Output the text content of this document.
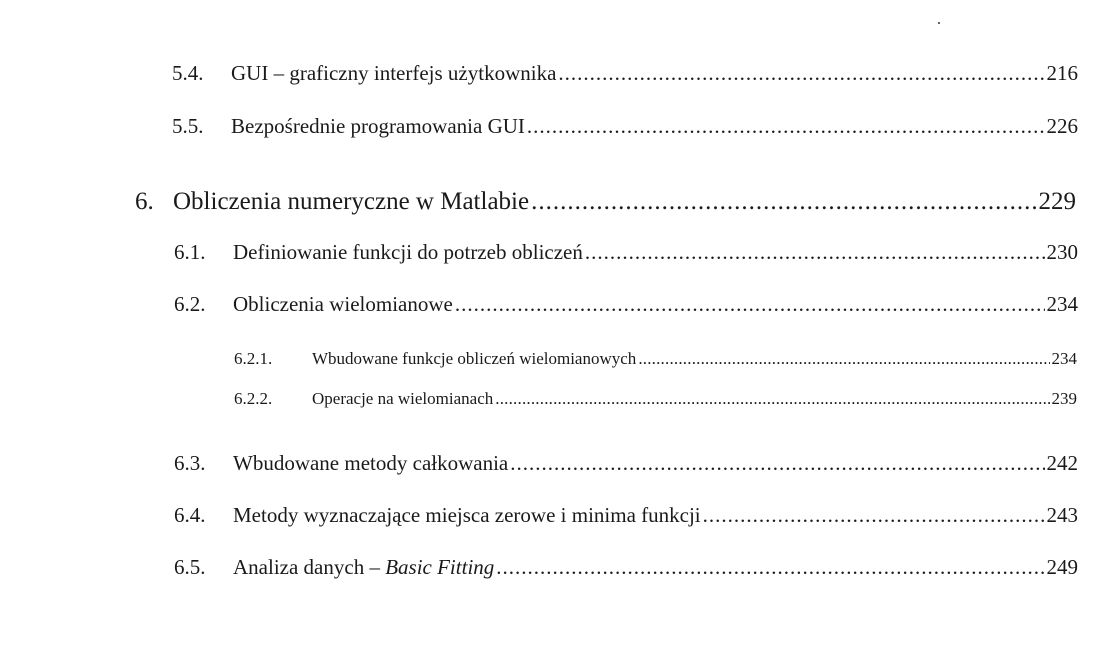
5.4.	GUI – graficzny interfejs użytkownika .....	216
5.5.	Bezpośrednie programowania GUI .....	226
6. Obliczenia numeryczne w Matlabie .....	229
6.1.	Definiowanie funkcji do potrzeb obliczeń .....	230
6.2.	Obliczenia wielomianowe .....	234
6.2.1.	Wbudowane funkcje obliczeń wielomianowych .....	234
6.2.2.	Operacje na wielomianach .....	239
6.3.	Wbudowane metody całkowania .....	242
6.4.	Metody wyznaczające miejsca zerowe i minima funkcji .....	243
6.5.	Analiza danych – Basic Fitting .....	249
